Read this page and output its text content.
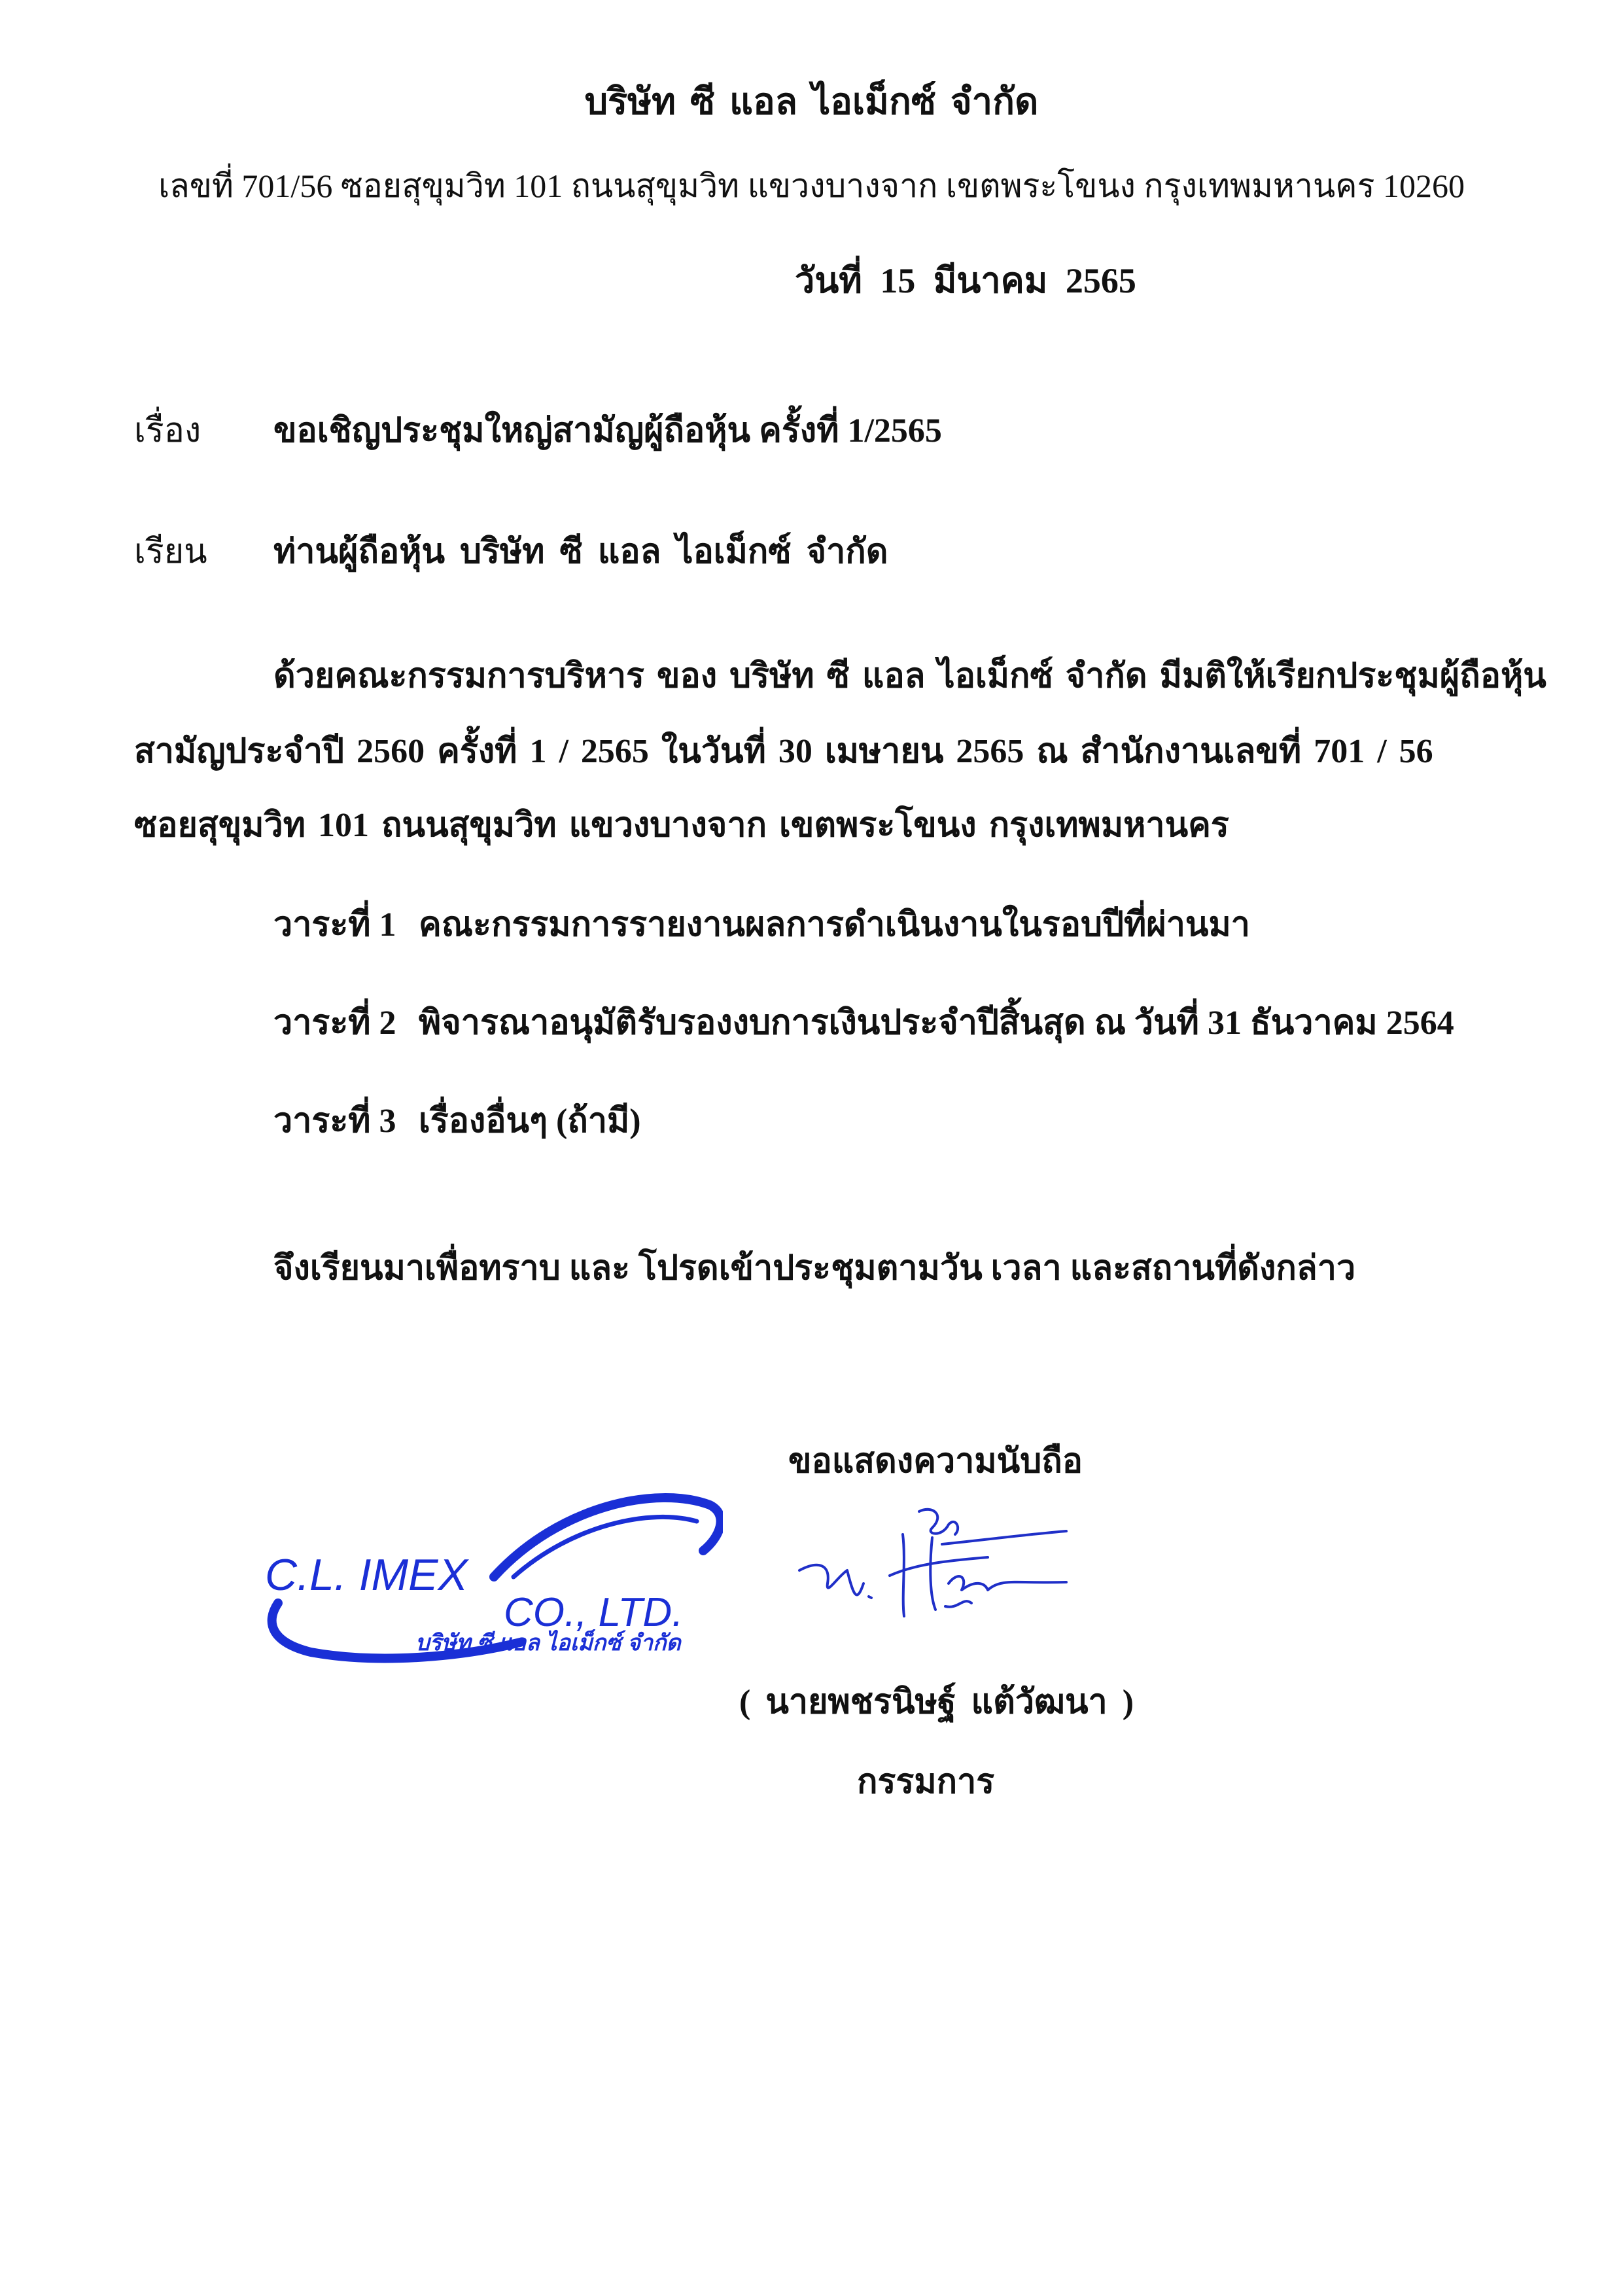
บริษัท ซี แอล ไอเม็กซ์ จำกัด
เลขที่ 701/56 ซอยสุขุมวิท 101 ถนนสุขุมวิท แขวงบางจาก เขตพระโขนง กรุงเทพมหานคร 10260
วันที่ 15 มีนาคม 2565
เรื่อง ขอเชิญประชุมใหญ่สามัญผู้ถือหุ้น ครั้งที่ 1/2565
เรียน ท่านผู้ถือหุ้น บริษัท ซี แอล ไอเม็กซ์ จำกัด
ด้วยคณะกรรมการบริหาร ของ บริษัท ซี แอล ไอเม็กซ์ จำกัด มีมติให้เรียกประชุมผู้ถือหุ้น
สามัญประจำปี 2560 ครั้งที่ 1 / 2565 ในวันที่ 30 เมษายน 2565 ณ สำนักงานเลขที่ 701 / 56
ซอยสุขุมวิท 101 ถนนสุขุมวิท แขวงบางจาก เขตพระโขนง กรุงเทพมหานคร
วาระที่ 1 คณะกรรมการรายงานผลการดำเนินงานในรอบปีที่ผ่านมา
วาระที่ 2 พิจารณาอนุมัติรับรองงบการเงินประจำปีสิ้นสุด ณ วันที่ 31 ธันวาคม 2564
วาระที่ 3 เรื่องอื่นๆ (ถ้ามี)
จึงเรียนมาเพื่อทราบ และ โปรดเข้าประชุมตามวัน เวลา และสถานที่ดังกล่าว
ขอแสดงความนับถือ
C.L. IMEX
CO., LTD.
บริษัท ซี แอล ไอเม็กซ์ จำกัด
( นายพชรนิษฐ์ แต้วัฒนา )
กรรมการ
